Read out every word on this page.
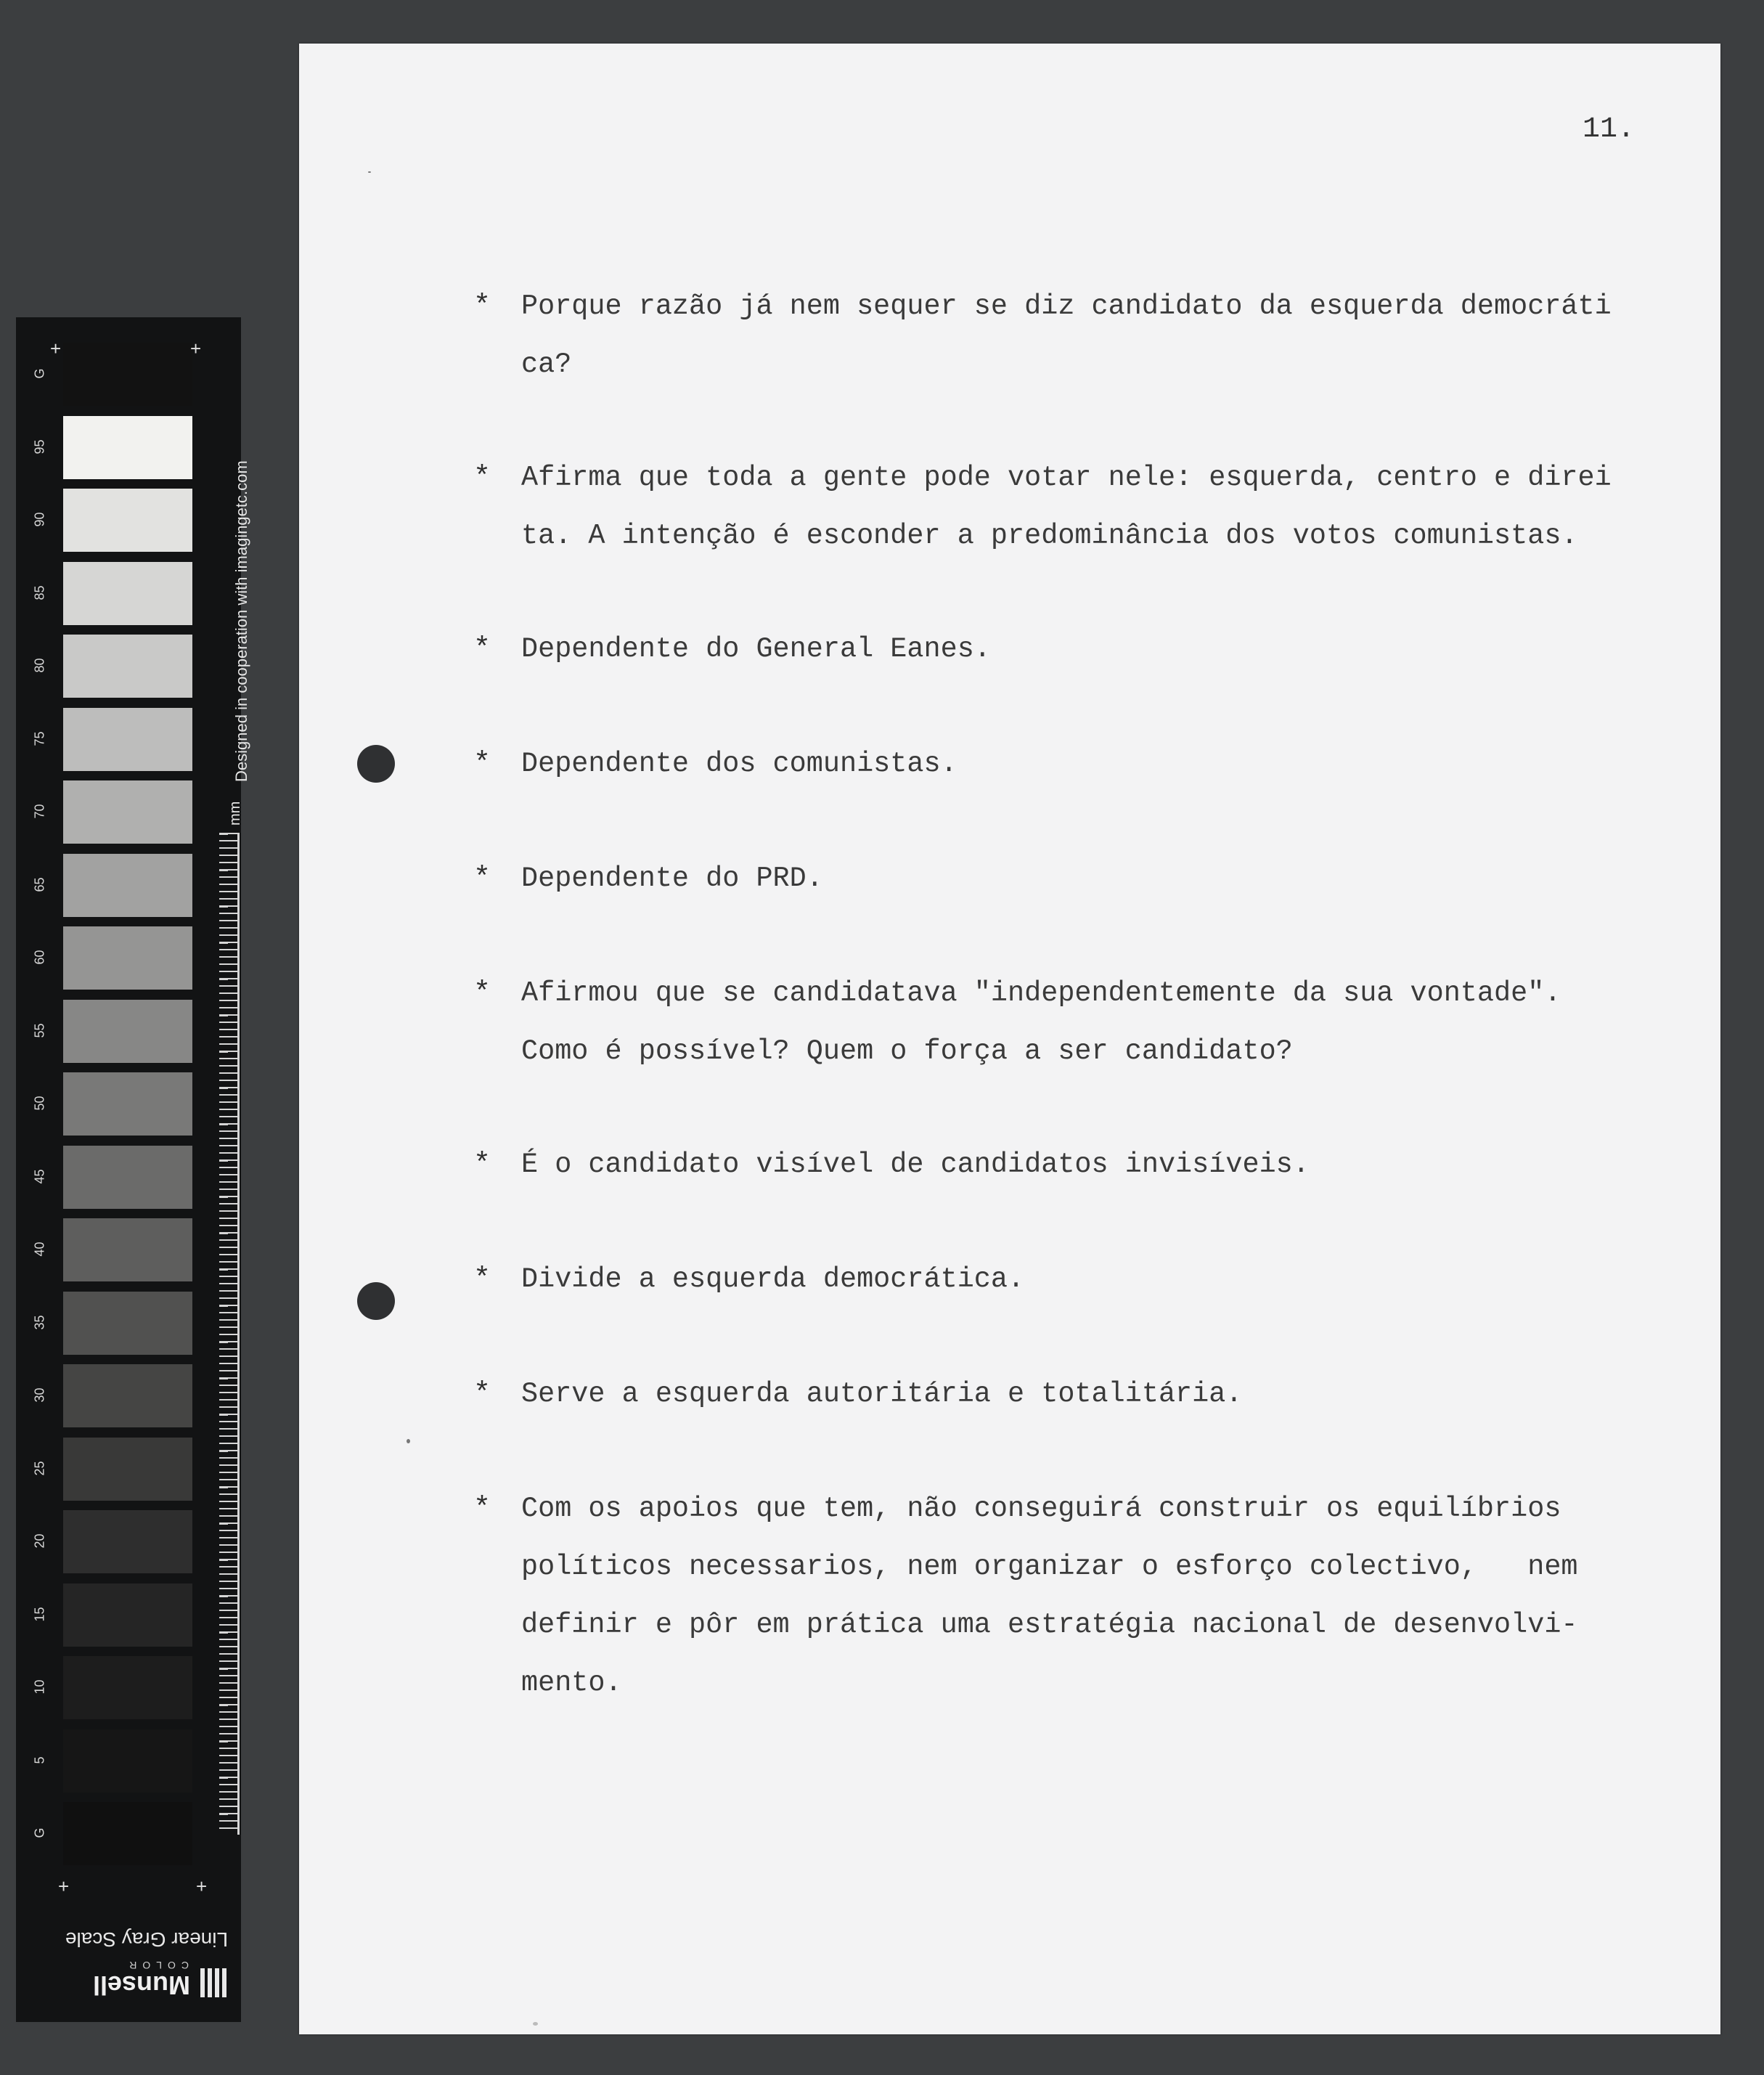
G
95
90
85
80
75
70
65
60
55
50
45
40
35
30
25
20
15
10
5
G
+	+
+	+
Designed in cooperation with imagingetc.com
mm
Linear Gray Scale
Munsell
COLOR
11.
* Porque razão já nem sequer se diz candidato da esquerda democráti
ca?
* Afirma que toda a gente pode votar nele: esquerda, centro e direi
ta. A intenção é esconder a predominância dos votos comunistas.
* Dependente do General Eanes.
* Dependente dos comunistas.
* Dependente do PRD.
* Afirmou que se candidatava "independentemente da sua vontade".
Como é possível? Quem o força a ser candidato?
* É o candidato visível de candidatos invisíveis.
* Divide a esquerda democrática.
* Serve a esquerda autoritária e totalitária.
* Com os apoios que tem, não conseguirá construir os equilíbrios
políticos necessarios, nem organizar o esforço colectivo,   nem
definir e pôr em prática uma estratégia nacional de desenvolvi-
mento.
